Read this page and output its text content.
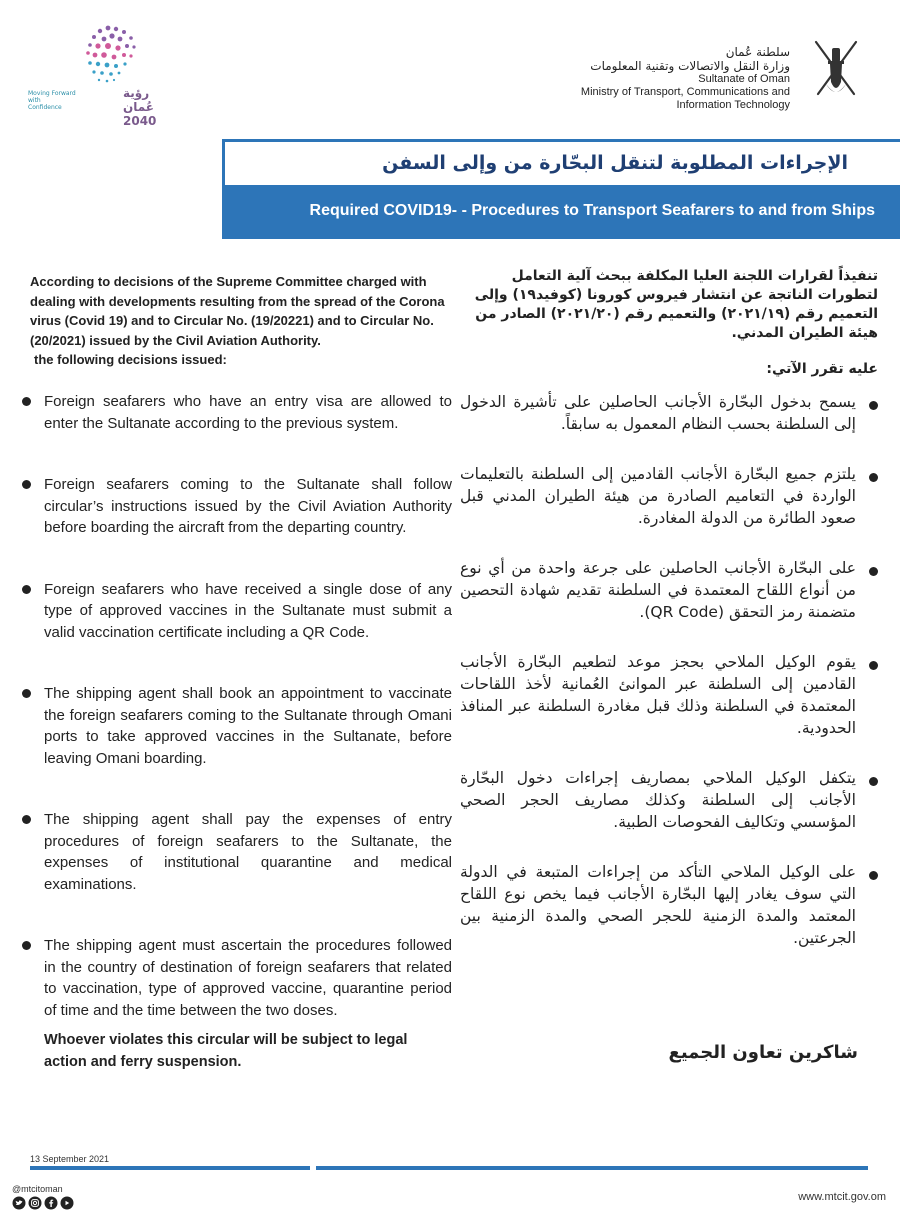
Moving Forward with Confidence
رؤية عُمان 2040
سلطنة عُمان
وزارة النقل والاتصالات وتقنية المعلومات
Sultanate of Oman
Ministry of Transport, Communications and
Information Technology
الإجراءات المطلوبة لتنقل البحّارة من وإلى السفن
Required COVID19- - Procedures to Transport Seafarers to and from Ships

According to decisions of the Supreme Committee charged with dealing with developments resulting from the spread of the Corona virus (Covid 19) and to Circular No. (19/20221) and to Circular No. (20/2021) issued by the Civil Aviation Authority.

the following decisions issued:

Foreign seafarers who have an entry visa are allowed to enter the Sultanate according to the previous system.
Foreign seafarers coming to the Sultanate shall follow circular’s instructions issued by the Civil Aviation Authority before boarding the aircraft from the departing country.
Foreign seafarers who have received a single dose of any type of approved vaccines in the Sultanate must submit a valid vaccination certificate including a QR Code.
The shipping agent shall book an appointment to vaccinate the foreign seafarers coming to the Sultanate through Omani ports to take approved vaccines in the Sultanate, before leaving Omani boarding.
The shipping agent shall pay the expenses of entry procedures of foreign seafarers to the Sultanate, the expenses of institutional quarantine and medical examinations.
The shipping agent must ascertain the procedures followed in the country of destination of foreign seafarers that related to vaccination, type of approved vaccine, quarantine period of time and the time between the two doses.
Whoever violates this circular will be subject to legal action and ferry suspension.

تنفيذاً لقرارات اللجنة العليا المكلفة ببحث آلية التعامل لتطورات الناتجة عن انتشار فيروس كورونا (كوفيد١٩) وإلى التعميم رقم (٢٠٢١/١٩) والتعميم رقم (٢٠٢١/٢٠) الصادر من هيئة الطيران المدني.

عليه تقرر الآتي:

يسمح بدخول البحّارة الأجانب الحاصلين على تأشيرة الدخول إلى السلطنة بحسب النظام المعمول به سابقاً.
يلتزم جميع البحّارة الأجانب القادمين إلى السلطنة بالتعليمات الواردة في التعاميم الصادرة من هيئة الطيران المدني قبل صعود الطائرة من الدولة المغادرة.
على البحّارة الأجانب الحاصلين على جرعة واحدة من أي نوع من أنواع اللقاح المعتمدة في السلطنة تقديم شهادة التحصين متضمنة رمز التحقق (QR Code).
يقوم الوكيل الملاحي بحجز موعد لتطعيم البحّارة الأجانب القادمين إلى السلطنة عبر الموانئ العُمانية لأخذ اللقاحات المعتمدة في السلطنة وذلك قبل مغادرة السلطنة عبر المنافذ الحدودية.
يتكفل الوكيل الملاحي بمصاريف إجراءات دخول البحّارة الأجانب إلى السلطنة وكذلك مصاريف الحجر الصحي المؤسسي وتكاليف الفحوصات الطبية.
على الوكيل الملاحي التأكد من إجراءات المتبعة في الدولة التي سوف يغادر إليها البحّارة الأجانب فيما يخص نوع اللقاح المعتمد والمدة الزمنية للحجر الصحي والمدة الزمنية بين الجرعتين.
شاكرين تعاون الجميع
13 September 2021
@mtcitoman
www.mtcit.gov.om
